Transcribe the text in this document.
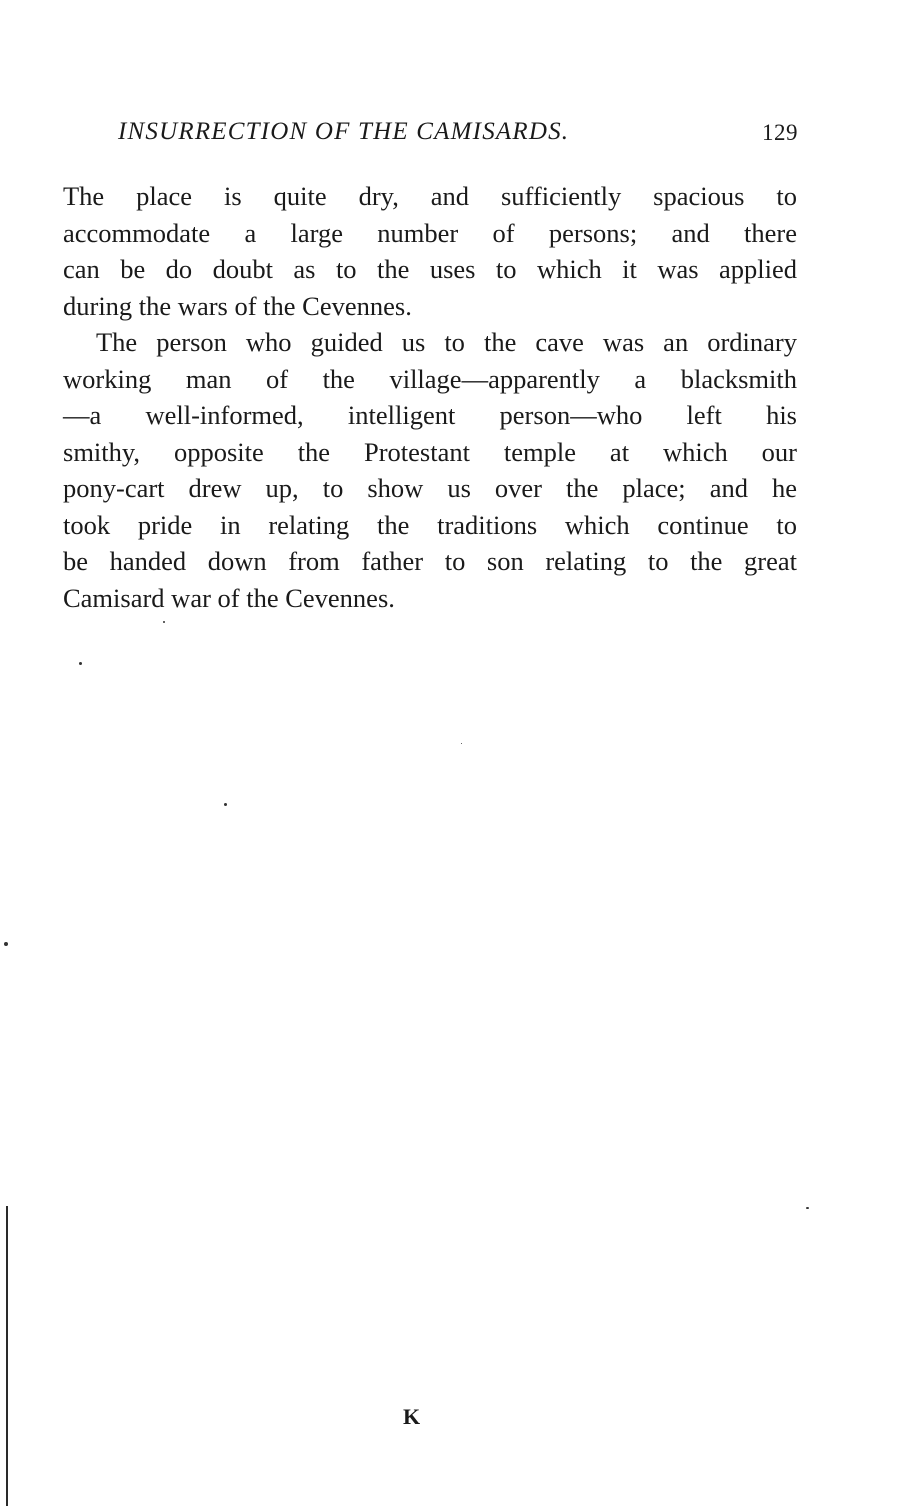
INSURRECTION OF THE CAMISARDS.	129

The place is quite dry, and sufficiently spacious to
accommodate a large number of persons; and there
can be do doubt as to the uses to which it was applied
during the wars of the Cevennes.

The person who guided us to the cave was an ordinary
working man of the village—apparently a blacksmith
—a well-informed, intelligent person—who left his
smithy, opposite the Protestant temple at which our
pony-cart drew up, to show us over the place; and he
took pride in relating the traditions which continue to
be handed down from father to son relating to the great
Camisard war of the Cevennes.

K
